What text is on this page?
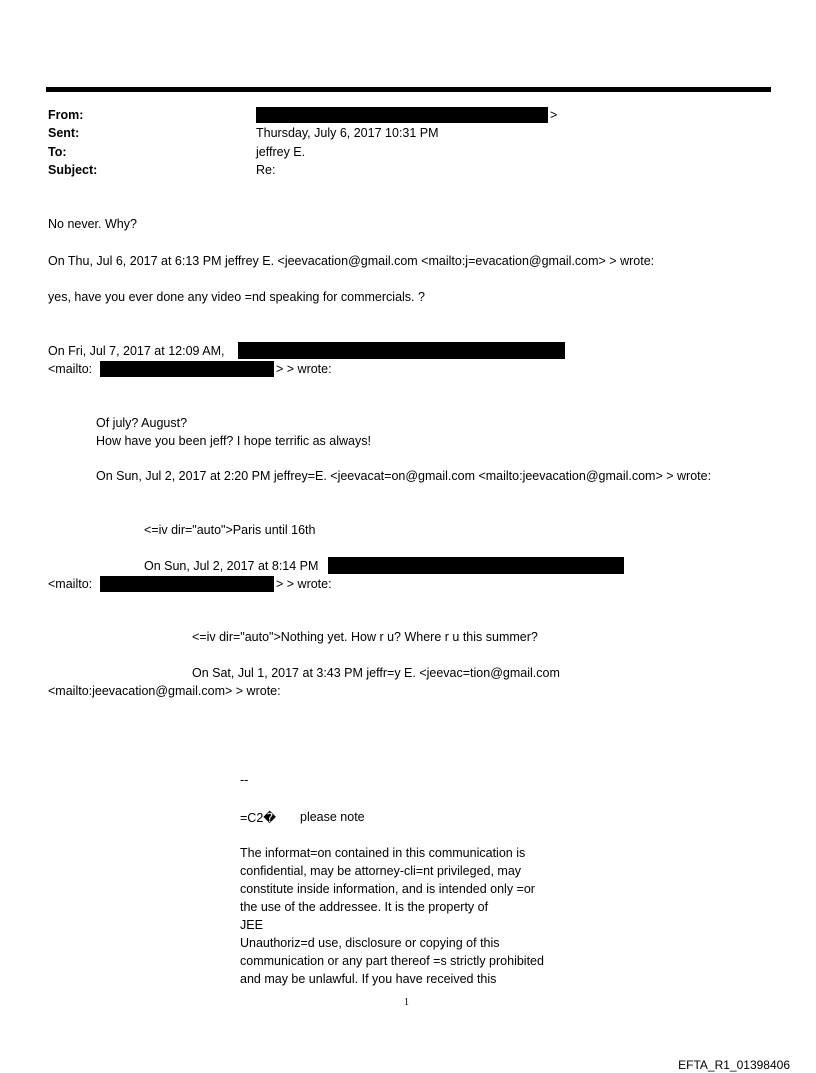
From:	>
Sent:	Thursday, July 6, 2017 10:31 PM
To:	jeffrey E.
Subject:	Re:
No never. Why?
On Thu, Jul 6, 2017 at 6:13 PM jeffrey E. <jeevacation@gmail.com <mailto:j=evacation@gmail.com> > wrote:
yes, have you ever done any video =nd speaking for commercials. ?
On Fri, Jul 7, 2017 at 12:09 AM,
<mailto:	> > wrote:
Of july? August?
How have you been jeff? I hope terrific as always!
On Sun, Jul 2, 2017 at 2:20 PM jeffrey=E. <jeevacat=on@gmail.com <mailto:jeevacation@gmail.com> > wrote:
<=iv dir="auto">Paris until 16th
On Sun, Jul 2, 2017 at 8:14 PM
<mailto:	> > wrote:
<=iv dir="auto">Nothing yet. How r u? Where r u this summer?
On Sat, Jul 1, 2017 at 3:43 PM jeffr=y E. <jeevac=tion@gmail.com
<mailto:jeevacation@gmail.com> > wrote:
--
=C2� please note
The informat=on contained in this communication is
confidential, may be attorney-cli=nt privileged, may
constitute inside information, and is intended only =or
the use of the addressee. It is the property of
JEE
Unauthoriz=d use, disclosure or copying of this
communication or any part thereof =s strictly prohibited
and may be unlawful. If you have received this
1
EFTA_R1_01398406
